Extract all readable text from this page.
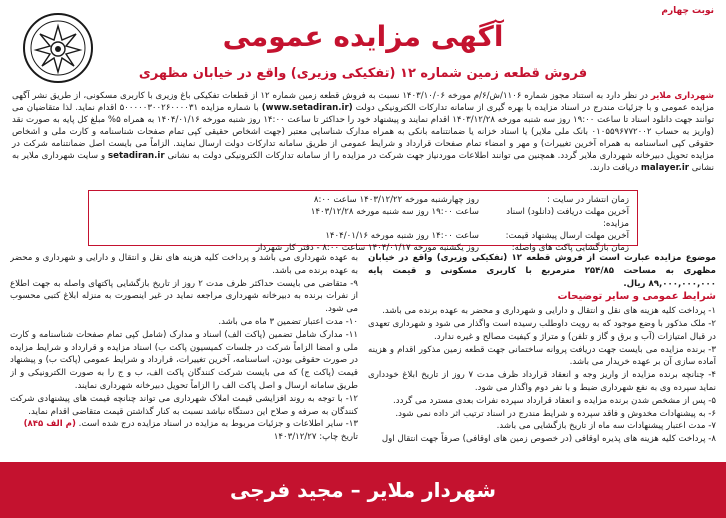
نوبت چهارم
آگهی مزایده عمومی
فروش قطعه زمین شماره ۱۲ (تفکیکی وزیری) واقع در خیابان مظهری
شهرداری ملایر در نظر دارد به استناد مجوز شماره ۱۱۰۶/ش/۶/م مورخه ۱۴۰۳/۱۰/۰۶ نسبت به فروش قطعه زمین شماره ۱۲ از قطعات تفکیکی باغ وزیری با کاربری مسکونی، از طریق نشر آگهی مزایده عمومی و با جزئیات مندرج در اسناد مزایده با بهره گیری از سامانه تدارکات الکترونیکی دولت (www.setadiran.ir) با شماره مزایده ۵۰۰۰۰۰۳۰۰۲۶۰۰۰۰۳۱ اقدام نماید. لذا متقاضیان می توانند جهت دانلود اسناد تا ساعت ۱۹:۰۰ روز سه شنبه مورخه ۱۴۰۳/۱۲/۲۸ اقدام نمایند و پیشنهاد خود را حداکثر تا ساعت ۱۴:۰۰ روز شنبه مورخه ۱۴۰۴/۰۱/۱۶ به همراه ۵% مبلغ کل پایه به صورت نقد (واریز به حساب ۰۱۰۵۵۹۶۷۷۲۰۰۲ بانک ملی ملایر) یا اسناد خزانه یا ضمانتنامه بانکی به همراه مدارک شناسایی معتبر (جهت اشخاص حقیقی کپی تمام صفحات شناسنامه و کارت ملی و اشخاص حقوقی کپی اساسنامه به همراه آخرین تغییرات) و مهر و امضاء تمام صفحات قرارداد و شرایط عمومی از طریق سامانه تدارکات دولت ارسال نمایند. الزاماً می بایست اصل ضمانتنامه شرکت در مزایده تحویل دبیرخانه شهرداری ملایر گردد. همچنین می توانند اطلاعات موردنیاز جهت شرکت در مزایده را از سامانه تدارکات الکترونیکی دولت به نشانی setadiran.ir و سایت شهرداری ملایر به نشانی malayer.ir دریافت دارند.
زمان انتشار در سایت :
روز چهارشنبه مورخه ۱۴۰۳/۱۲/۲۲ ساعت ۸:۰۰
آخرین مهلت دریافت (دانلود) اسناد مزایده:
ساعت ۱۹:۰۰ روز سه شنبه مورخه ۱۴۰۳/۱۲/۲۸
آخرین مهلت ارسال پیشنهاد قیمت:
ساعت ۱۴:۰۰ روز شنبه مورخه ۱۴۰۴/۰۱/۱۶
زمان بازگشایی پاکت های واصله:
روز یکشنبه مورخه ۱۴۰۴/۰۱/۱۷ ساعت ۸:۰۰ - دفتر کار شهردار

موضوع مزایده عبارت است از فروش قطعه ۱۲ (تفکیکی وزیری) واقع در خیابان مظهری به مساحت ۲۵۴/۸۵ مترمربع با کاربری مسکونی و قیمت پایه ۸۹,۰۰۰,۰۰۰,۰۰۰ ریال.

شرایط عمومی و سایر توضیحات

۱- پرداخت کلیه هزینه های نقل و انتقال و دارایی و شهرداری و محضر به عهده برنده می باشد.

۲- ملک مذکور با وضع موجود که به رویت داوطلب رسیده است واگذار می شود و شهرداری تعهدی در قبال امتیازات (آب و برق و گاز و تلفن) و متراژ و کیفیت مصالح و غیره ندارد.

۳- برنده مزایده می بایست جهت دریافت پروانه ساختمانی جهت قطعه زمین مذکور اقدام و هزینه آماده سازی آن بر عهده خریدار می باشد.

۴- چنانچه برنده مزایده از واریز وجه و انعقاد قرارداد ظرف مدت ۷ روز از تاریخ ابلاغ خودداری نماید سپرده وی به نفع شهرداری ضبط و با نفر دوم واگذار می شود.

۵- پس از مشخص شدن برنده مزایده و انعقاد قرارداد سپرده نفرات بعدی مسترد می گردد.

۶- به پیشنهادات مخدوش و فاقد سپرده و شرایط مندرج در اسناد ترتیب اثر داده نمی شود.

۷- مدت اعتبار پیشنهادات سه ماه از تاریخ بازگشایی می باشد.

۸- پرداخت کلیه هزینه های پذیره اوقافی (در خصوص زمین های اوقافی) صرفاً جهت انتقال اول

به عهده شهرداری می باشد و پرداخت کلیه هزینه های نقل و انتقال و دارایی و شهرداری و محضر به عهده برنده می باشد.

۹- متقاضی می بایست حداکثر ظرف مدت ۲ روز از تاریخ بازگشایی پاکتهای واصله به جهت اطلاع از نفرات برنده به دبیرخانه شهرداری مراجعه نماید در غیر اینصورت به منزله ابلاغ کتبی محسوب می شود.

۱۰- مدت اعتبار تضمین ۳ ماه می باشد.

۱۱- مدارک شامل تضمین (پاکت الف) اسناد و مدارک (شامل کپی تمام صفحات شناسنامه و کارت ملی و امضا الزاماً شرکت در جلسات کمیسیون پاکت ب) اسناد مزایده و قرارداد و شرایط مزایده در صورت حقوقی بودن، اساسنامه، آخرین تغییرات، قرارداد و شرایط عمومی (پاکت ب) و پیشنهاد قیمت (پاکت ج) که می بایست شرکت کنندگان پاکت الف، ب و ج را به صورت الکترونیکی و از طریق سامانه ارسال و اصل پاکت الف را الزاماً تحویل دبیرخانه شهرداری نمایند.

۱۲- با توجه به روند افزایشی قیمت املاک شهرداری می تواند چنانچه قیمت های پیشنهادی شرکت کنندگان به صرفه و صلاح این دستگاه نباشد نسبت به کنار گذاشتن قیمت متقاضی اقدام نماید.

۱۳- سایر اطلاعات و جزئیات مربوط به مزایده در اسناد مزایده درج شده است. (م الف ۸۴۵)

تاریخ چاپ: ۱۴۰۳/۱۲/۲۷

شهردار ملایر – مجید فرجی
